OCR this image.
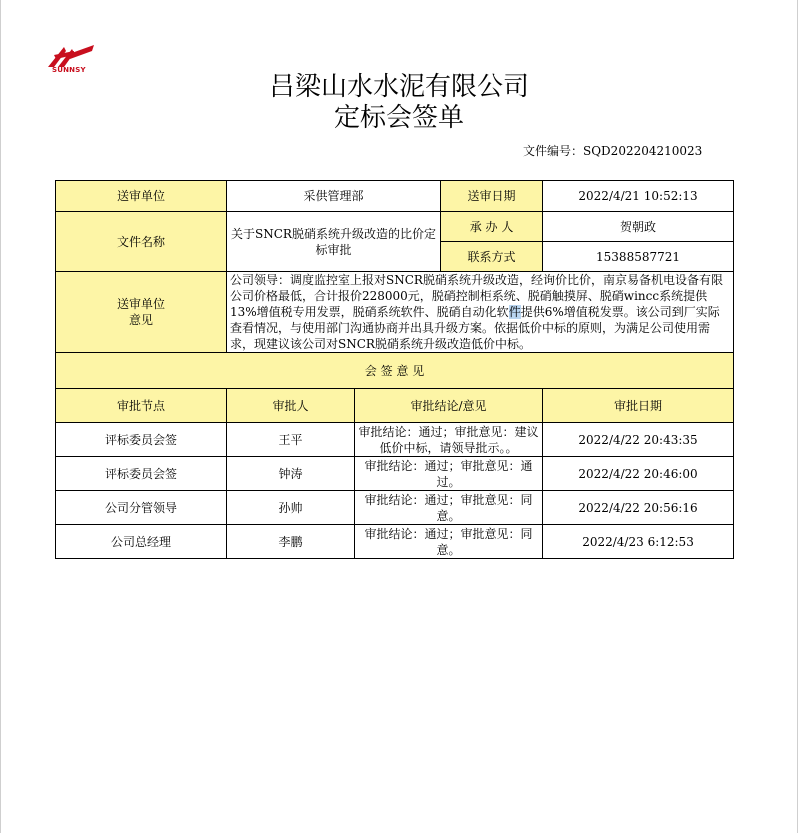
SUNNSY
吕梁山水水泥有限公司
定标会签单
文件编号：SQD202204210023
送审单位	采供管理部		送审日期	2022/4/21 10:52:13
文件名称	关于SNCR脱硝系统升级改造的比价定标审批		承 办 人	贺朝政
			联系方式	15388587721

送审单位
意见	公司领导：调度监控室上报对SNCR脱硝系统升级改造，经询价比价，南京易备机电设备有限公司价格最低，合计报价228000元，脱硝控制柜系统、脱硝触摸屏、脱硝wincc系统提供13%增值税专用发票，脱硝系统软件、脱硝自动化软件提供6%增值税发票。该公司到厂实际查看情况，与使用部门沟通协商并出具升级方案。依据低价中标的原则，为满足公司使用需求，现建议该公司对SNCR脱硝系统升级改造低价中标。			
会 签 意 见				
审批节点	审批人	审批结论/意见		审批日期
评标委员会签	王平	审批结论：通过；审批意见：建议低价中标，请领导批示。。		2022/4/22 20:43:35
评标委员会签	钟涛	审批结论：通过；审批意见：通过。		2022/4/22 20:46:00
公司分管领导	孙帅	审批结论：通过；审批意见：同意。		2022/4/22 20:56:16
公司总经理	李鹏	审批结论：通过；审批意见：同意。		2022/4/23 6:12:53
